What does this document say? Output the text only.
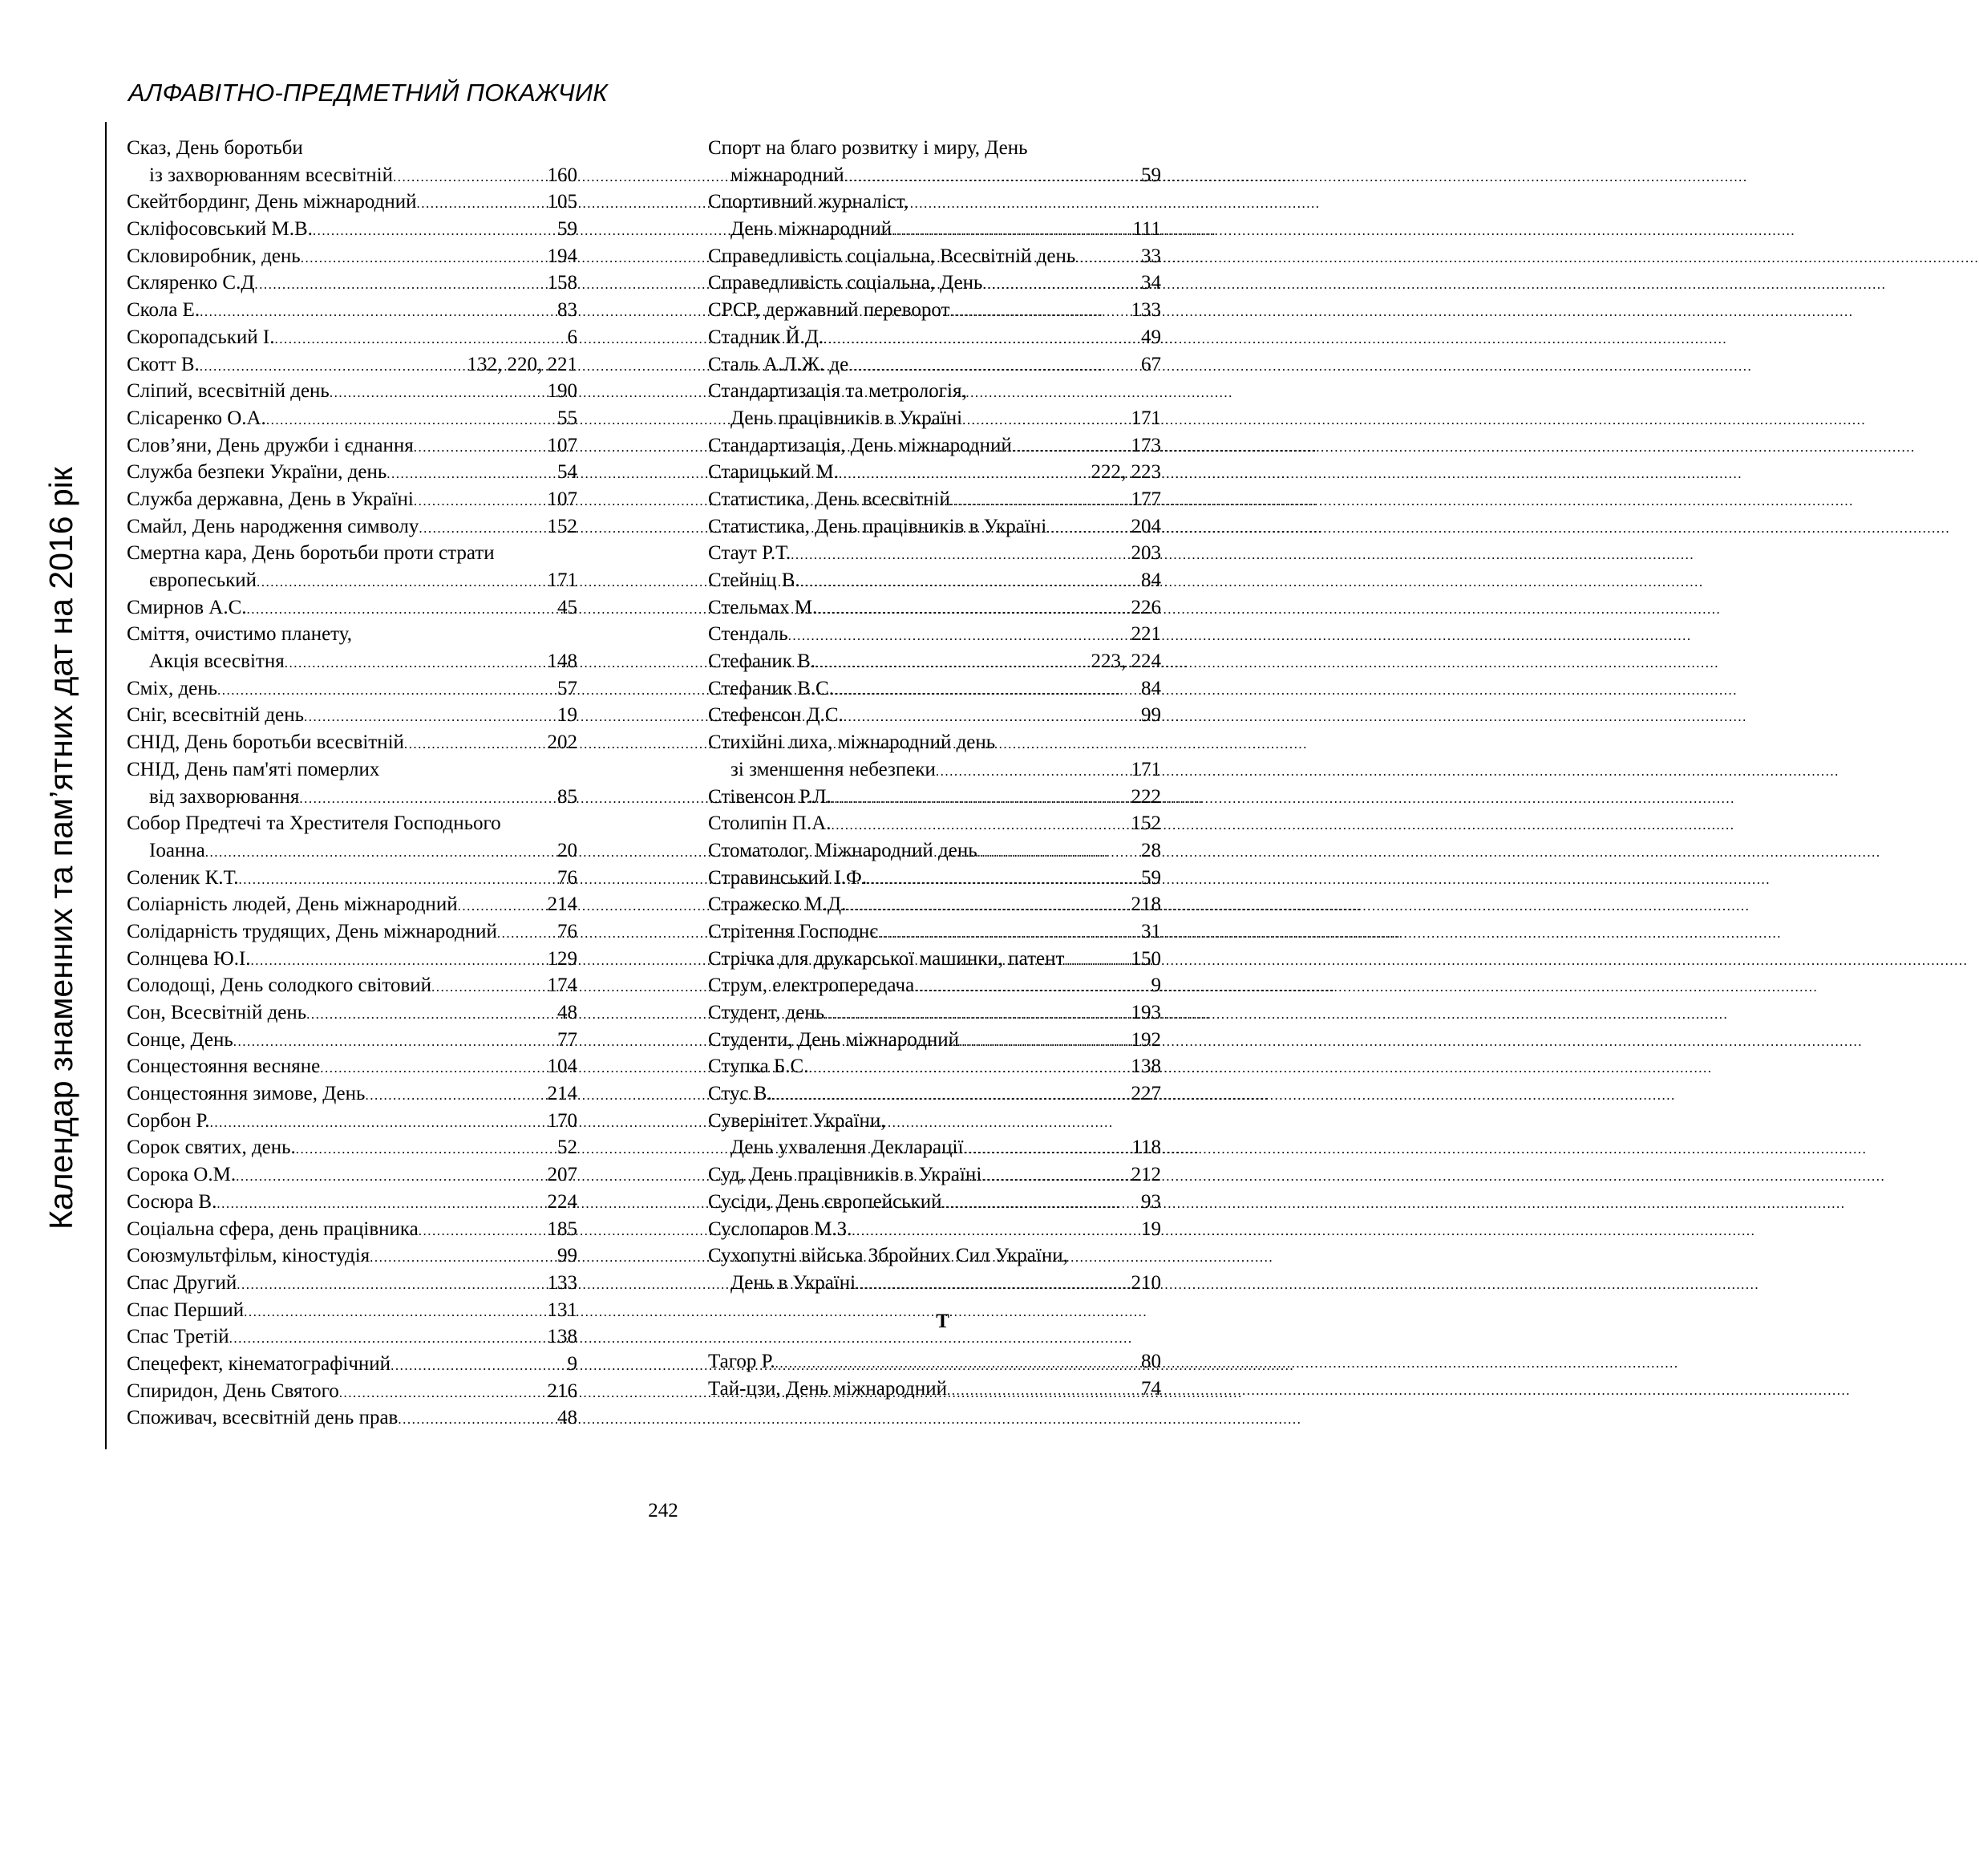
АЛФАВІТНО-ПРЕДМЕТНИЙ ПОКАЖЧИК
Календар знаменних та пам’ятних дат на 2016 рік
Сказ, День боротьби
із захворюванням всесвітній .....	160
Скейтбординг, День міжнародний .....	105
Скліфосовський М.В. .....	59
Скловиробник, день .....	194
Скляренко С.Д .....	158
Скола Е. .....	83
Скоропадський І. .....	6
Скотт В. .....	132, 220, 221
Сліпий, всесвітній день .....	190
Слісаренко О.А. .....	55
Слов’яни, День дружби і єднання .....	107
Служба безпеки України, день .....	54
Служба державна, День в Україні .....	107
Смайл, День народження символу .....	152
Смертна кара, День боротьби проти страти
європеський .....	171
Смирнов А.С. .....	45
Сміття, очистимо планету,
Акція всесвітня .....	148
Сміх, день .....	57
Сніг, всесвітній день .....	19
СНІД, День боротьби всесвітній .....	202
СНІД, День пам'яті померлих
від захворювання .....	85
Собор Предтечі та Хрестителя Господнього
Іоанна .....	20
Соленик К.Т. .....	76
Соліарність людей, День міжнародний .....	214
Солідарність трудящих, День міжнародний .....	76
Солнцева Ю.І. .....	129
Солодощі, День солодкого світовий .....	174
Сон, Всесвітній день .....	48
Сонце, День .....	77
Сонцестояння весняне .....	104
Сонцестояння зимове, День .....	214
Сорбон Р. .....	170
Сорок святих, день. .....	52
Сорока О.М. .....	207
Сосюра В. .....	224
Соціальна сфера, день працівника .....	185
Союзмультфільм, кіностудія .....	99
Спас Другий .....	133
Спас Перший .....	131
Спас Третій .....	138
Спецефект, кінематографічний .....	9
Спиридон, День Святого .....	216
Споживач, всесвітній день прав .....	48
Спорт на благо розвитку і миру, День
міжнародний .....	59
Спортивний журналіст,
День міжнародний .....	111
Справедливість соціальна, Всесвітній день .....	33
Справедливість соціальна, День .....	34
СРСР, державний переворот .....	133
Стадник Й.Д. .....	49
Сталь А.Л.Ж. де .....	67
Стандартизація та метрологія,
День працівників в Україні .....	171
Стандартизація, День міжнародний .....	173
Старицький М. .....	222, 223
Статистика, День всесвітній .....	177
Статистика, День працівників в Україні .....	204
Стаут Р.Т. .....	203
Стейніц В. .....	84
Стельмах М. .....	226
Стендаль .....	221
Стефаник В. .....	223, 224
Стефаник В.С. .....	84
Стефенсон Д.С. .....	99
Стихійні лиха, міжнародний день
зі зменшення небезпеки .....	171
Стівенсон Р.Л. .....	222
Столипін П.А. .....	152
Стоматолог, Міжнародний день .....	28
Стравинський І.Ф. .....	59
Стражеско М.Д. .....	218
Стрітення Господнє .....	31
Стрічка для друкарської машинки, патент .....	150
Струм, електропередача .....	9
Студент, день .....	193
Студенти, День міжнародний .....	192
Ступка Б.С. .....	138
Стус В. .....	227
Суверінітет України,
День ухвалення Декларації .....	118
Суд, День працівників в Україні .....	212
Сусіди, День європейський .....	93
Суслопаров М.З. .....	19
Сухопутні війська Збройних Сил України,
День в Україні .....	210
Т
Тагор Р. .....	80
Тай-цзи, День міжнародний .....	74
242
